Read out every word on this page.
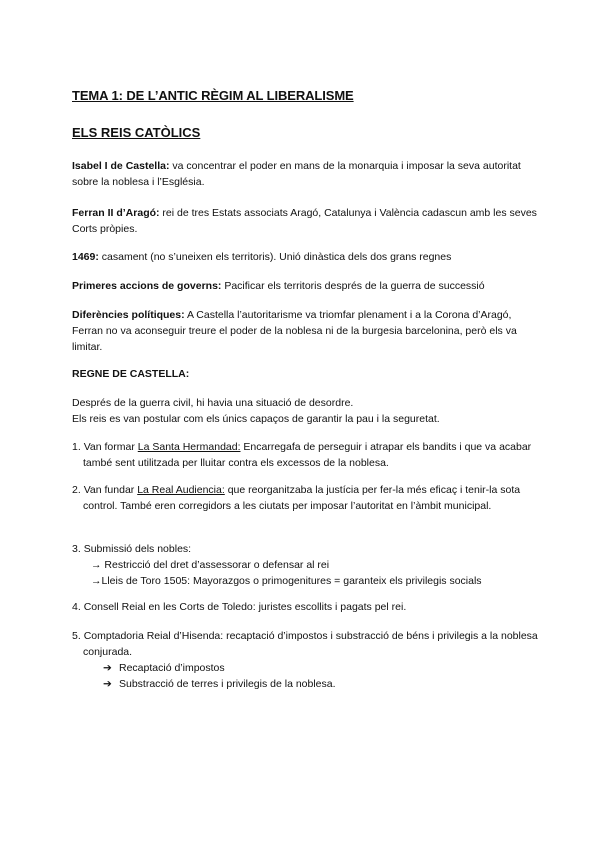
TEMA 1: DE L’ANTIC RÈGIM AL LIBERALISME
ELS REIS CATÒLICS
Isabel I de Castella: va concentrar el poder en mans de la monarquia i imposar la seva autoritat sobre la noblesa i l’Església.
Ferran II d’Aragó: rei de tres Estats associats Aragó, Catalunya i València cadascun amb les seves Corts pròpies.
1469: casament (no s’uneixen els territoris). Unió dinàstica dels dos grans regnes
Primeres accions de governs: Pacificar els territoris després de la guerra de successió
Diferències polítiques: A Castella l’autoritarisme va triomfar plenament i a la Corona d’Aragó, Ferran no va aconseguir treure el poder de la noblesa ni de la burgesia barcelonina, però els va limitar.
REGNE DE CASTELLA:
Després de la guerra civil, hi havia una situació de desordre.
Els reis es van postular com els únics capaços de garantir la pau i la seguretat.
1. Van formar La Santa Hermandad: Encarregafa de perseguir i atrapar els bandits i que va acabar també sent utilitzada per lluitar contra els excessos de la noblesa.
2. Van fundar La Real Audiencia: que reorganitzaba la justícia per fer-la més eficaç i tenir-la sota control. També eren corregidors a les ciutats per imposar l’autoritat en l’àmbit municipal.
3. Submissió dels nobles:
→ Restricció del dret d’assessorar o defensar al rei
→Lleis de Toro 1505: Mayorazgos o primogenitures = garanteix els privilegis socials
4. Consell Reial en les Corts de Toledo: juristes escollits i pagats pel rei.
5. Comptadoria Reial d’Hisenda: recaptació d’impostos i substracció de béns i privilegis a la noblesa conjurada.
➔ Recaptació d’impostos
➔ Substracció de terres i privilegis de la noblesa.
